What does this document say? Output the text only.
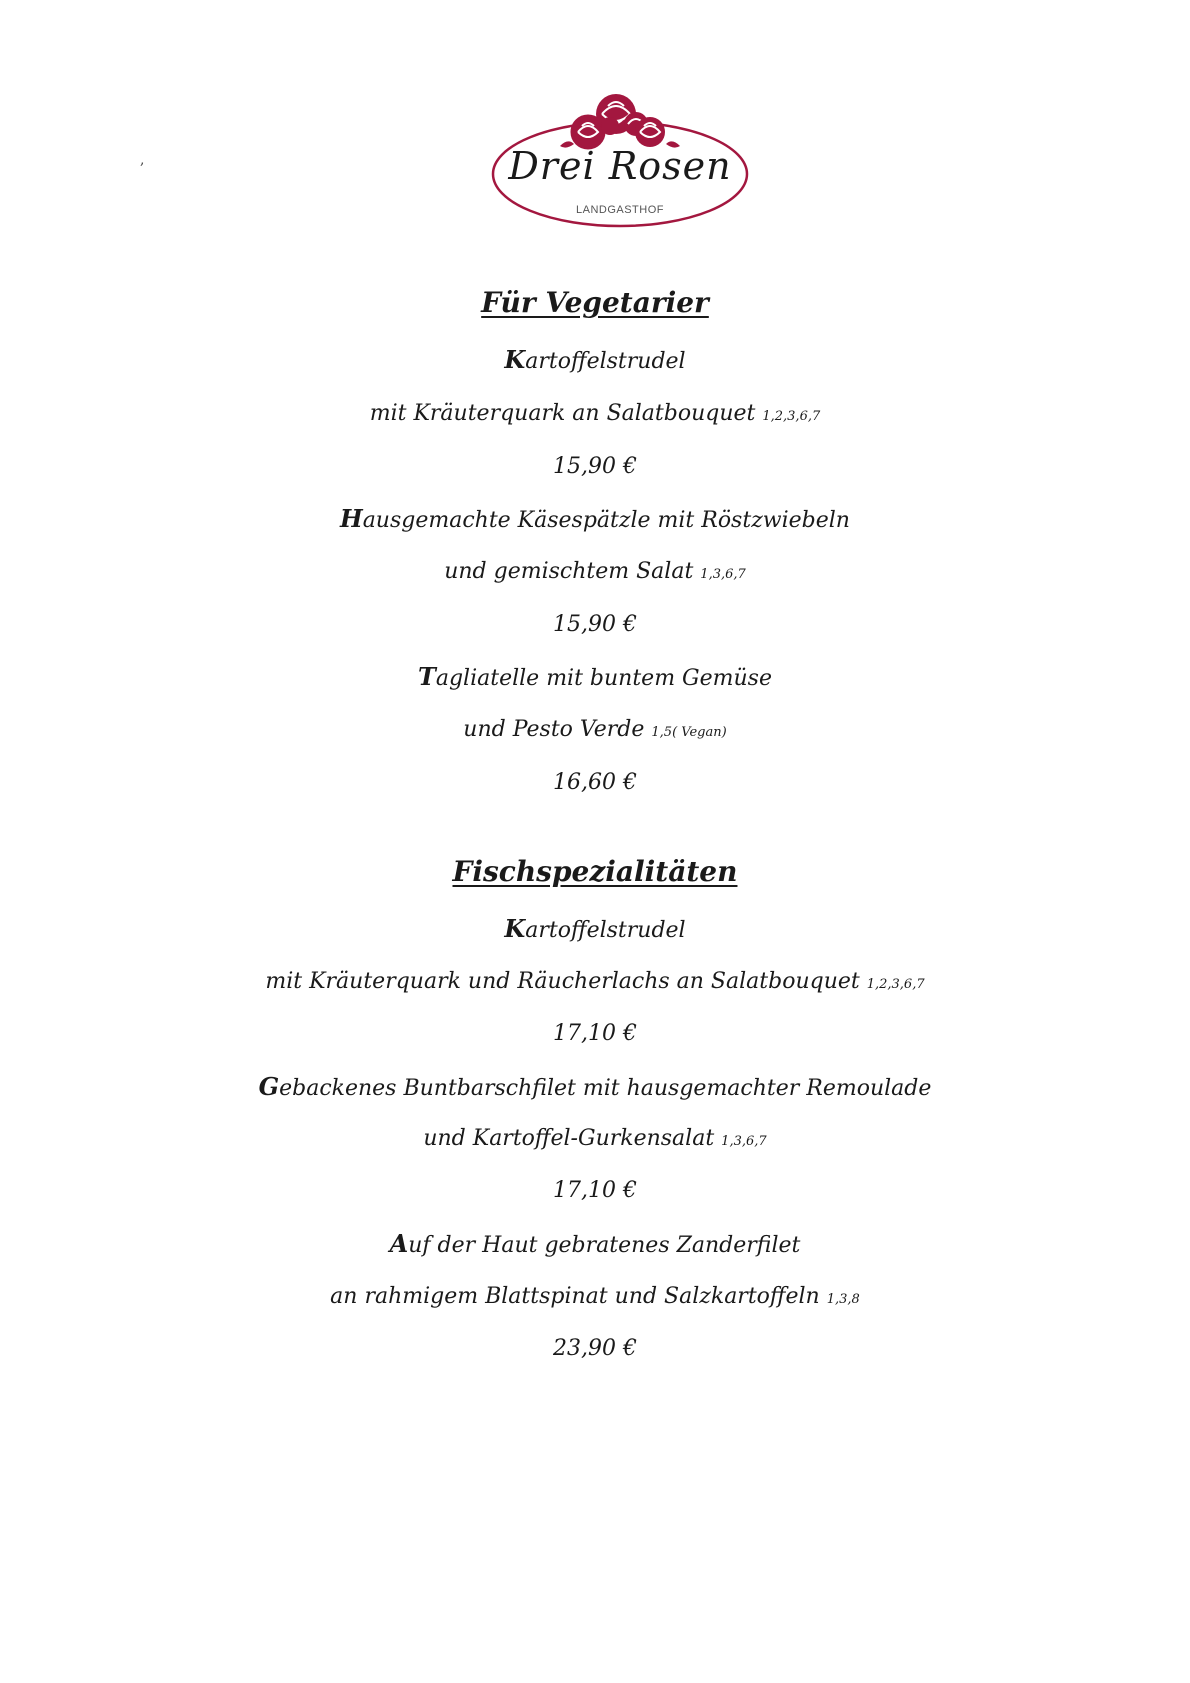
,	Drei Rosen
LANDGASTHOF
Für Vegetarier
Kartoffelstrudel
mit Kräuterquark an Salatbouquet 1,2,3,6,7
15,90 €
Hausgemachte Käsespätzle mit Röstzwiebeln
und gemischtem Salat 1,3,6,7
15,90 €
Tagliatelle mit buntem Gemüse
und Pesto Verde 1,5( Vegan)
16,60 €
Fischspezialitäten
Kartoffelstrudel
mit Kräuterquark und Räucherlachs an Salatbouquet 1,2,3,6,7
17,10 €
Gebackenes Buntbarschfilet mit hausgemachter Remoulade
und Kartoffel-Gurkensalat 1,3,6,7
17,10 €
Auf der Haut gebratenes Zanderfilet
an rahmigem Blattspinat und Salzkartoffeln 1,3,8
23,90 €
